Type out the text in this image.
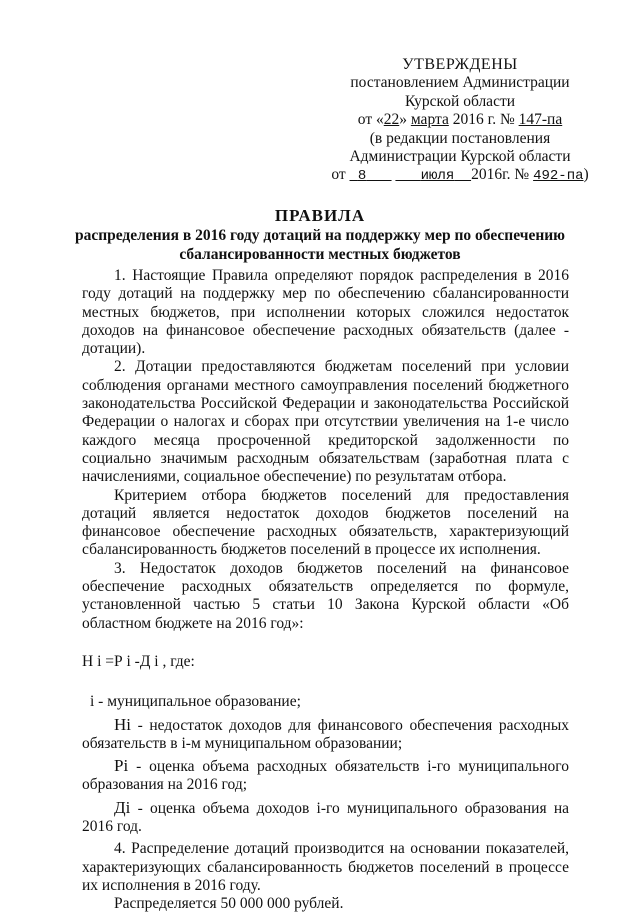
УТВЕРЖДЕНЫ
постановлением Администрации
Курской области
от «22» марта 2016 г. № 147-па
(в редакции постановления
Администрации Курской области
от  8	июля 2016г. № 492-па)
ПРАВИЛА
распределения в 2016 году дотаций на поддержку мер по обеспечению
сбалансированности местных бюджетов

1. Настоящие Правила определяют порядок распределения в 2016 году дотаций на поддержку мер по обеспечению сбалансированности местных бюджетов, при исполнении которых сложился недостаток доходов на финансовое обеспечение расходных обязательств (далее - дотации).

2. Дотации предоставляются бюджетам поселений при условии соблюдения органами местного самоуправления поселений бюджетного законодательства Российской Федерации и законодательства Российской Федерации о налогах и сборах при отсутствии увеличения на 1-е число каждого месяца просроченной кредиторской задолженности по социально значимым расходным обязательствам (заработная плата с начислениями, социальное обеспечение) по результатам отбора.

Критерием отбора бюджетов поселений для предоставления дотаций является недостаток доходов бюджетов поселений на финансовое обеспечение расходных обязательств, характеризующий сбалансированность бюджетов поселений в процессе их исполнения.

3. Недостаток доходов бюджетов поселений на финансовое обеспечение расходных обязательств определяется по формуле, установленной частью 5 статьи 10 Закона Курской области «Об областном бюджете на 2016 год»:

Н i =Р i -Д i , где:

i - муниципальное образование;

Нi - недостаток доходов для финансового обеспечения расходных обязательств в i-м муниципальном образовании;

Рi - оценка объема расходных обязательств i-го муниципального образования на 2016 год;

Дi - оценка объема доходов i-го муниципального образования на 2016 год.

4. Распределение дотаций производится на основании показателей, характеризующих сбалансированность бюджетов поселений в процессе их исполнения в 2016 году.

Распределяется 50 000 000 рублей.
